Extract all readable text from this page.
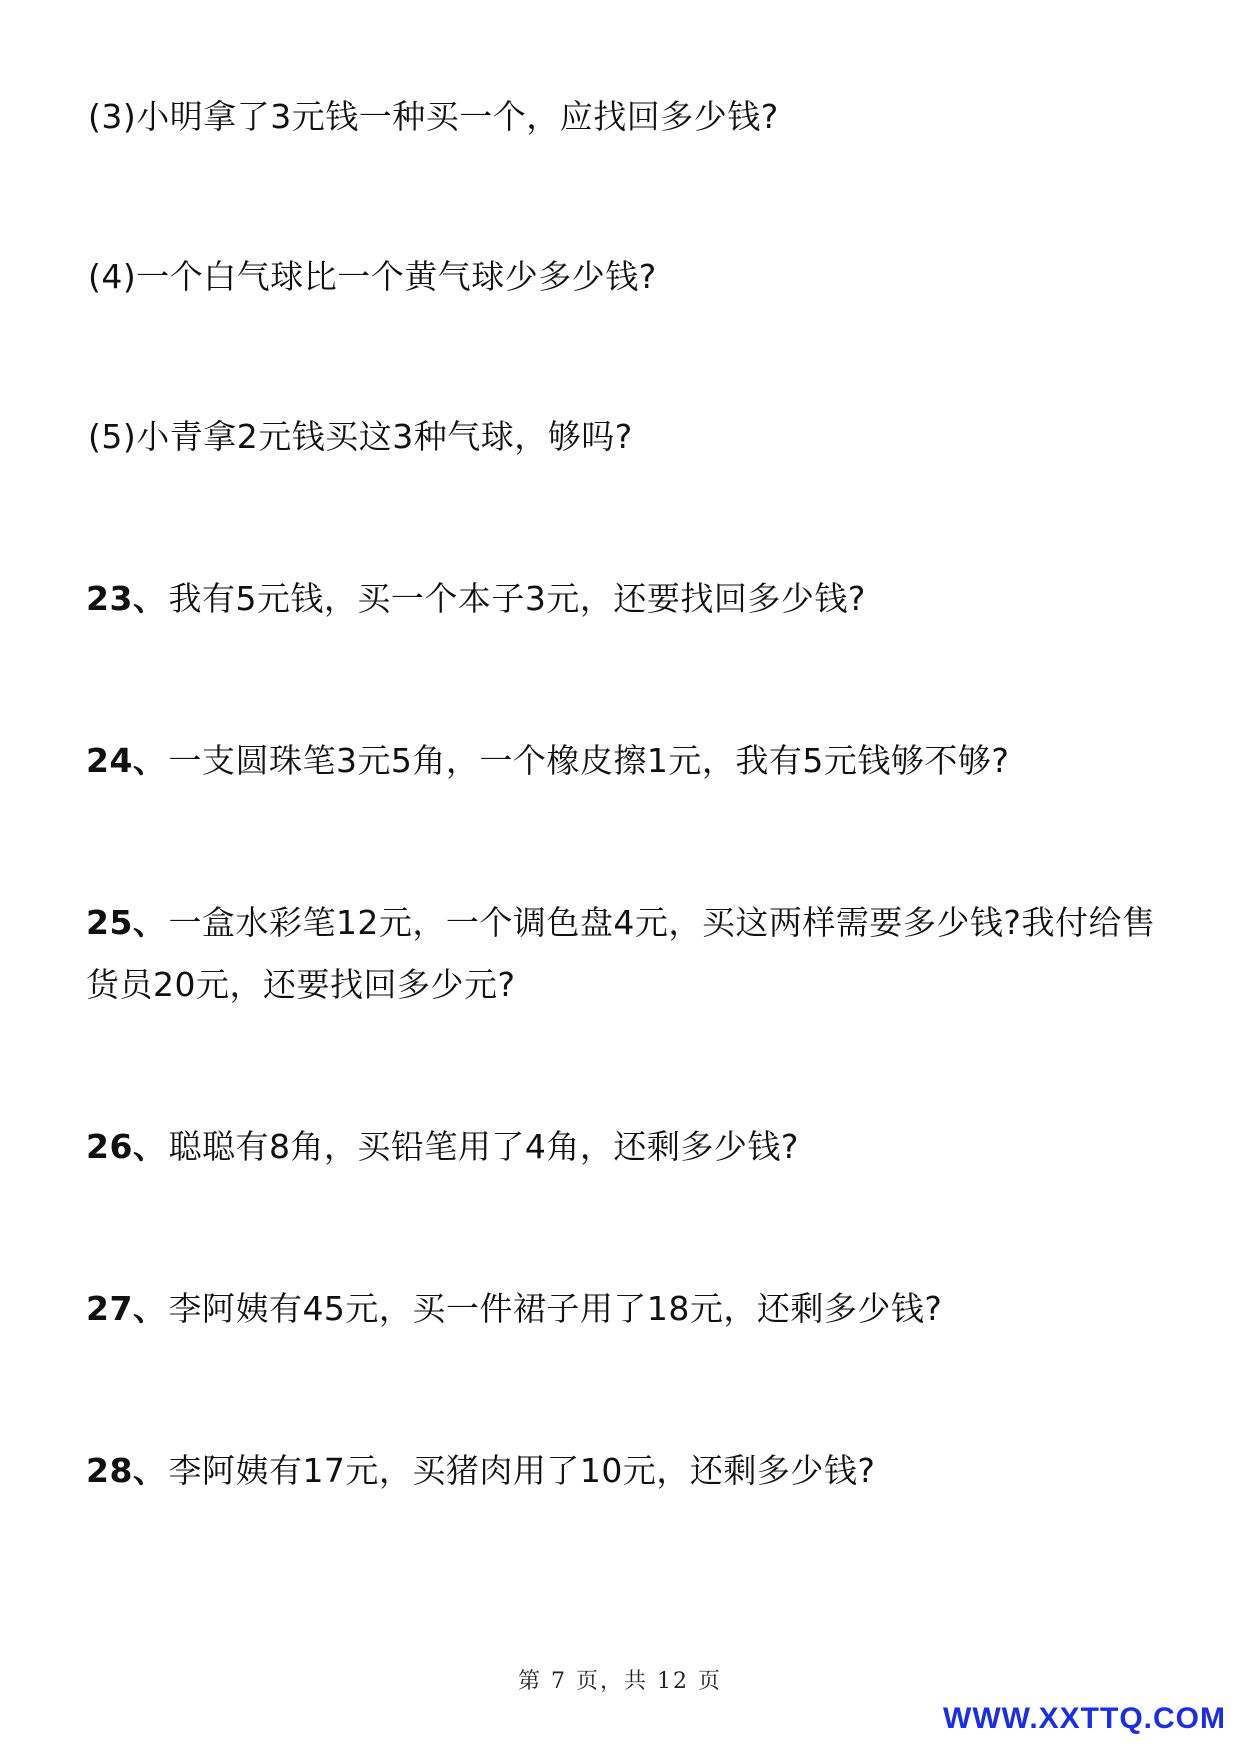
(3)小明拿了3元钱一种买一个，应找回多少钱?
(4)一个白气球比一个黄气球少多少钱?
(5)小青拿2元钱买这3种气球，够吗?
23、我有5元钱，买一个本子3元，还要找回多少钱?
24、一支圆珠笔3元5角，一个橡皮擦1元，我有5元钱够不够?
25、一盒水彩笔12元，一个调色盘4元，买这两样需要多少钱?我付给售货员20元，还要找回多少元?
26、聪聪有8角，买铅笔用了4角，还剩多少钱?
27、李阿姨有45元，买一件裙子用了18元，还剩多少钱?
28、李阿姨有17元，买猪肉用了10元，还剩多少钱?
第 7 页，共 12 页
WWW.XXTTQ.COM
